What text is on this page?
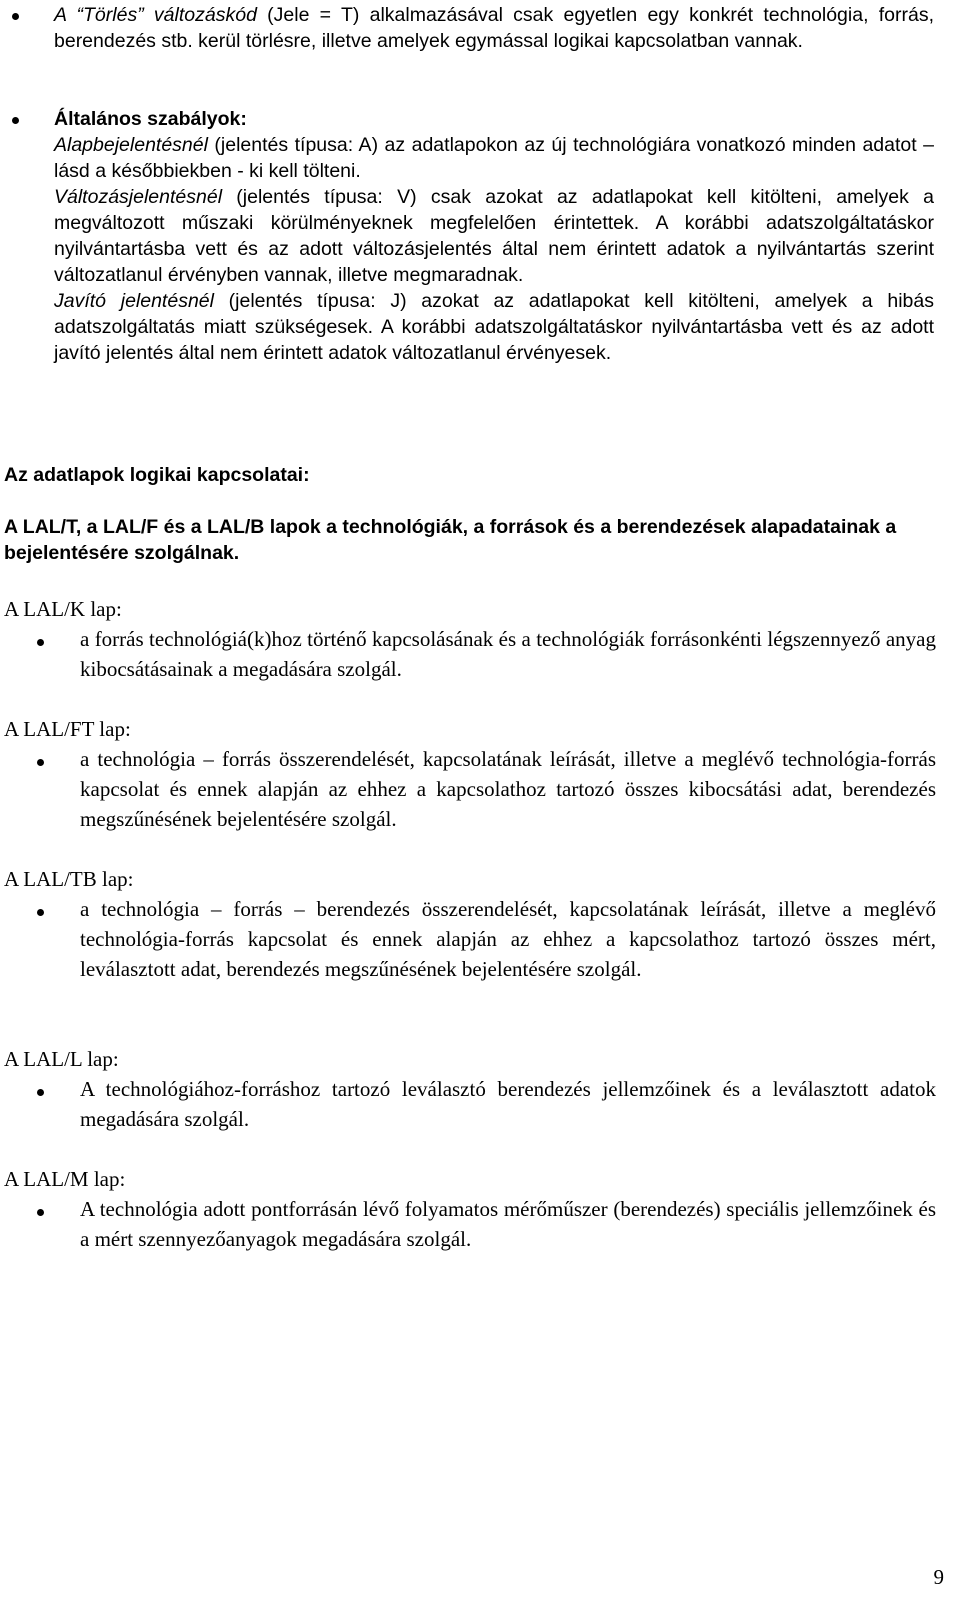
A “Törlés” változáskód (Jele = T) alkalmazásával csak egyetlen egy konkrét technológia, forrás, berendezés stb. kerül törlésre, illetve amelyek egymással logikai kapcsolatban vannak.
Általános szabályok:

Alapbejelentésnél (jelentés típusa: A) az adatlapokon az új technológiára vonatkozó minden adatot – lásd a későbbiekben - ki kell tölteni.

Változásjelentésnél (jelentés típusa: V) csak azokat az adatlapokat kell kitölteni, amelyek a megváltozott műszaki körülményeknek megfelelően érintettek. A korábbi adatszolgáltatáskor nyilvántartásba vett és az adott változásjelentés által nem érintett adatok a nyilvántartás szerint változatlanul érvényben vannak, illetve megmaradnak.

Javító jelentésnél (jelentés típusa: J) azokat az adatlapokat kell kitölteni, amelyek a hibás adatszolgáltatás miatt szükségesek. A korábbi adatszolgáltatáskor nyilvántartásba vett és az adott javító jelentés által nem érintett adatok változatlanul érvényesek.

Az adatlapok logikai kapcsolatai:
A LAL/T, a LAL/F és a LAL/B lapok a technológiák, a források és a berendezések alapadatainak a bejelentésére szolgálnak.
A LAL/K lap:
a forrás technológiá(k)hoz történő kapcsolásának és a technológiák forrásonkénti légszennyező anyag kibocsátásainak a megadására szolgál.
A LAL/FT lap:
a technológia – forrás összerendelését, kapcsolatának leírását, illetve a meglévő technológia-forrás kapcsolat és ennek alapján az ehhez a kapcsolathoz tartozó összes kibocsátási adat, berendezés megszűnésének bejelentésére szolgál.
A LAL/TB lap:
a technológia – forrás – berendezés összerendelését, kapcsolatának leírását, illetve a meglévő technológia-forrás kapcsolat és ennek alapján az ehhez a kapcsolathoz tartozó összes mért, leválasztott adat, berendezés megszűnésének bejelentésére szolgál.
A LAL/L lap:
A technológiához-forráshoz tartozó leválasztó berendezés jellemzőinek és a leválasztott adatok megadására szolgál.
A LAL/M lap:
A technológia adott pontforrásán lévő folyamatos mérőműszer (berendezés) speciális jellemzőinek és a mért szennyezőanyagok megadására szolgál.
9
